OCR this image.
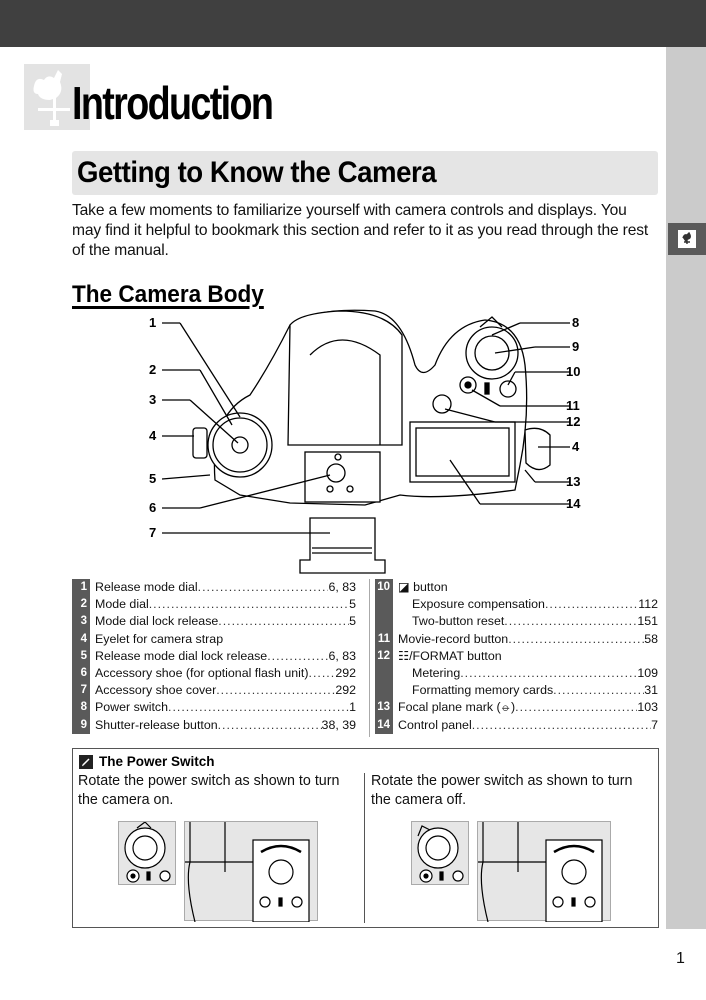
Introduction
Getting to Know the Camera

Take a few moments to familiarize yourself with camera controls and displays. You may find it helpful to bookmark this section and refer to it as you read through the rest of the manual.

The Camera Body
1
2
3
4
5
6
7
8
9
10
11
12
4
13
14
1 Release mode dial .....	6, 83
2 Mode dial .....	5
3 Mode dial lock release .....	5
4 Eyelet for camera strap
5 Release mode dial lock release .....	6, 83
6 Accessory shoe (for optional flash unit) ..... 292
7 Accessory shoe cover .....	292
8 Power switch .....	1
9 Shutter-release button .....	38, 39
10 ◪ button
Exposure compensation .....	112
Two-button reset .....	151
11 Movie-record button .....	58
12 ☷/FORMAT button
Metering .....	109
Formatting memory cards .....	31
13 Focal plane mark (⦵) .....	103
14 Control panel .....	7
The Power Switch
Rotate the power switch as shown to turn the camera on.
Rotate the power switch as shown to turn the camera off.
1
